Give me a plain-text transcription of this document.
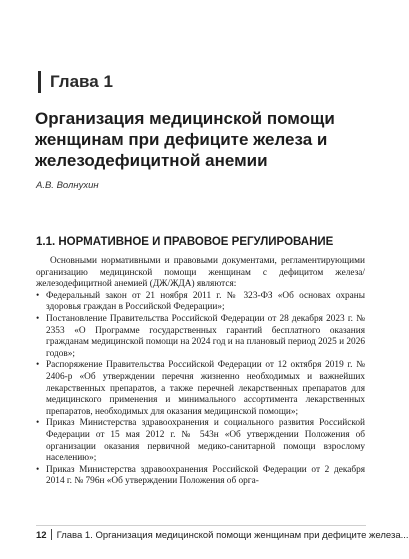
Глава 1
Организация медицинской помощи женщинам при дефиците железа и железодефицитной анемии
А.В. Волнухин
1.1. НОРМАТИВНОЕ И ПРАВОВОЕ РЕГУЛИРОВАНИЕ

Основными нормативными и правовыми документами, регламентирующими организацию медицинской помощи женщинам с дефицитом железа/железодефицитной анемией (ДЖ/ЖДА) являются:

• Федеральный закон от 21 ноября 2011 г. № 323-ФЗ «Об основах охраны здоровья граждан в Российской Федерации»;
• Постановление Правительства Российской Федерации от 28 декабря 2023 г. № 2353 «О Программе государственных гарантий бесплатного оказания гражданам медицинской помощи на 2024 год и на плановый период 2025 и 2026 годов»;
• Распоряжение Правительства Российской Федерации от 12 октября 2019 г. № 2406-р «Об утверждении перечня жизненно необходимых и важнейших лекарственных препаратов, а также перечней лекарственных препаратов для медицинского применения и минимального ассортимента лекарственных препаратов, необходимых для оказания медицинской помощи»;
• Приказ Министерства здравоохранения и социального развития Российской Федерации от 15 мая 2012 г. № 543н «Об утверждении Положения об организации оказания первичной медико-санитарной помощи взрослому населению»;
• Приказ Министерства здравоохранения Российской Федерации от 2 декабря 2014 г. № 796н «Об утверждении Положения об орга-
12 Глава 1. Организация медицинской помощи женщинам при дефиците железа...
